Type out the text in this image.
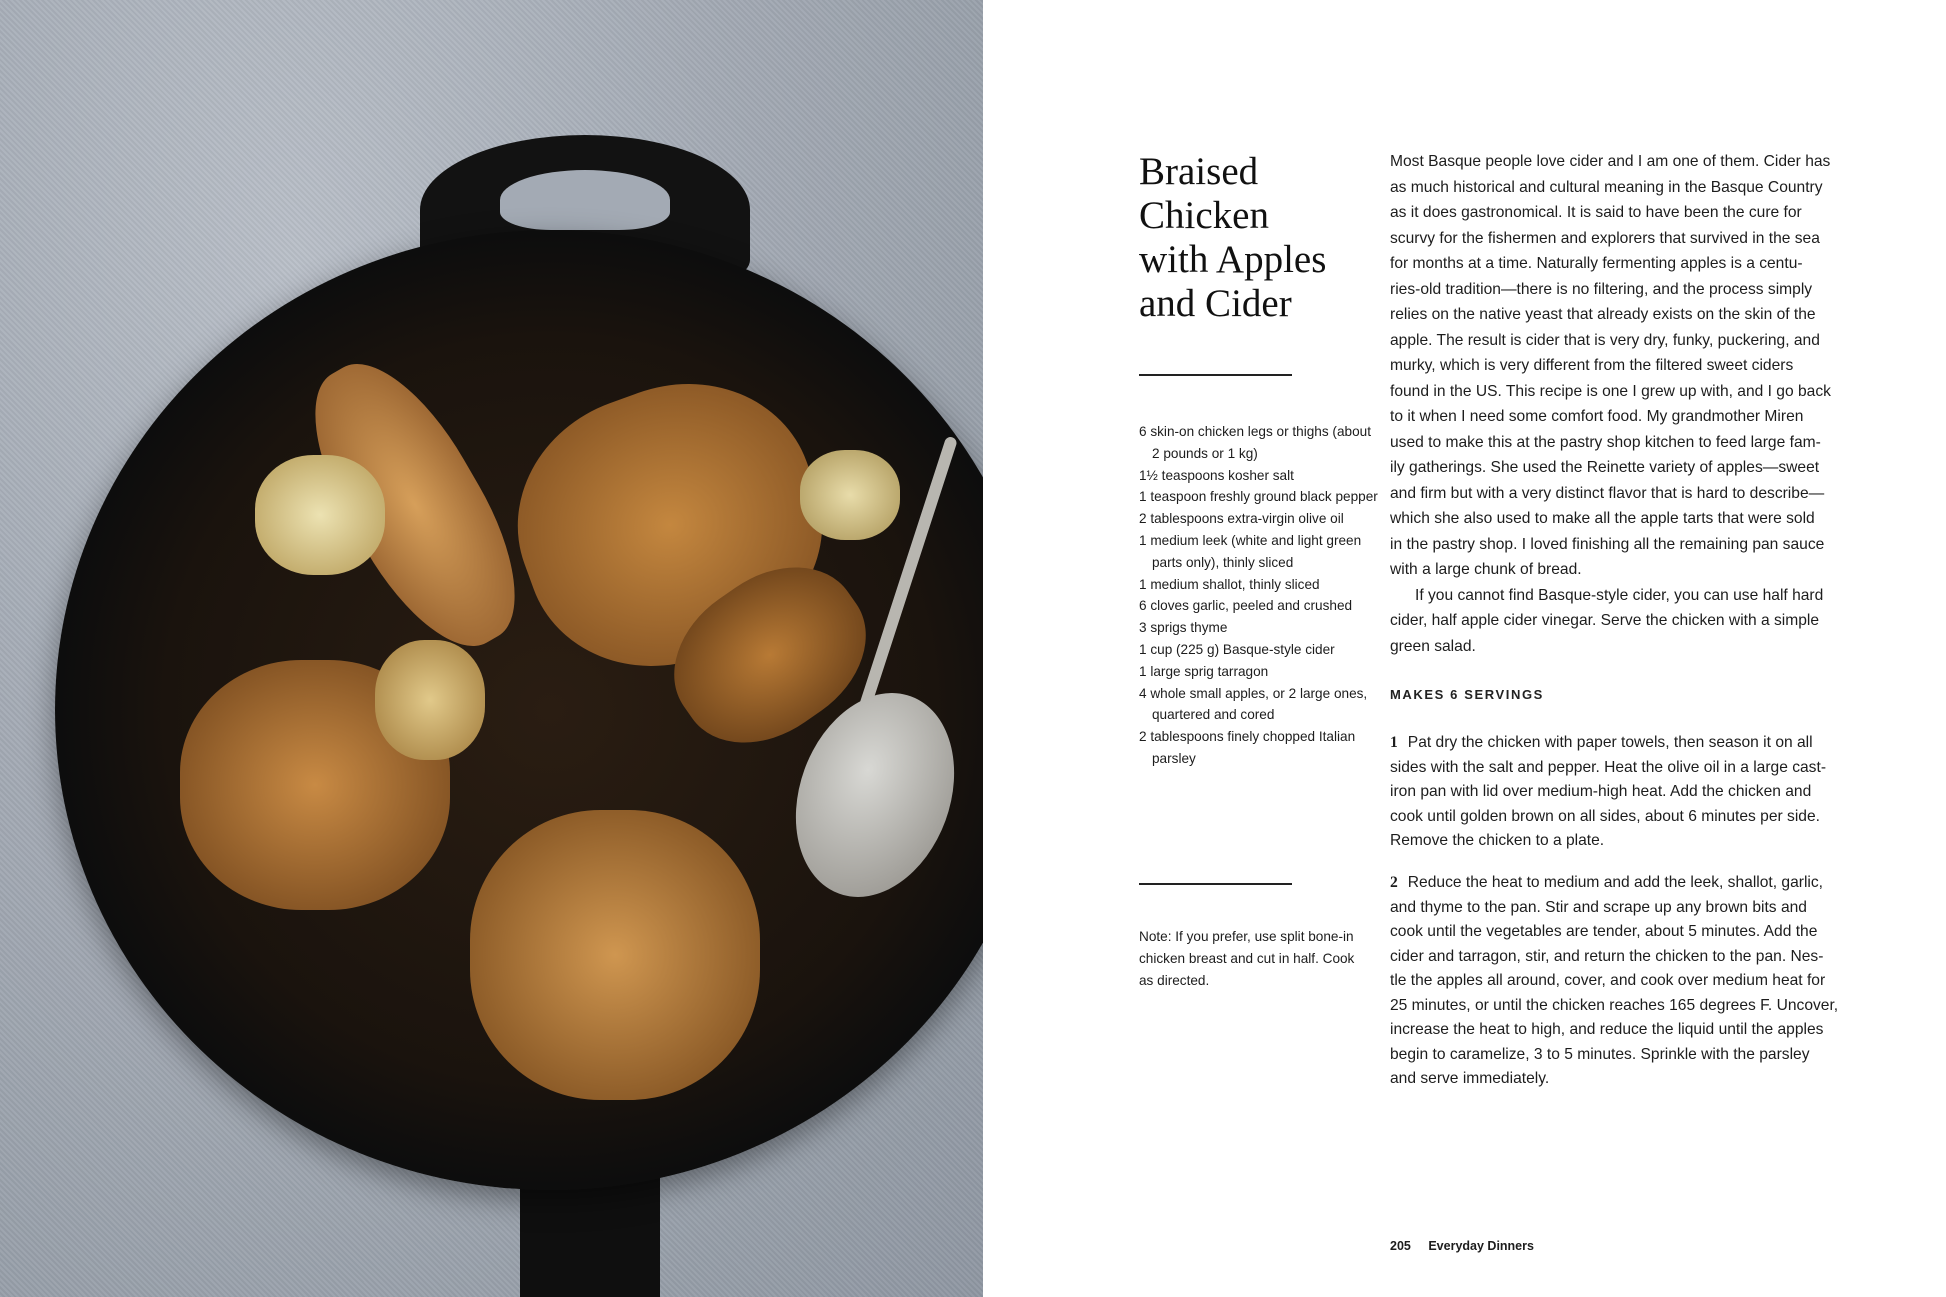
Braised
Chicken
with Apples
and Cider
6 skin-on chicken legs or thighs (about 2 pounds or 1 kg)
1½ teaspoons kosher salt
1 teaspoon freshly ground black pepper
2 tablespoons extra-virgin olive oil
1 medium leek (white and light green parts only), thinly sliced
1 medium shallot, thinly sliced
6 cloves garlic, peeled and crushed
3 sprigs thyme
1 cup (225 g) Basque-style cider
1 large sprig tarragon
4 whole small apples, or 2 large ones, quartered and cored
2 tablespoons finely chopped Italian parsley

Note: If you prefer, use split bone-in chicken breast and cut in half. Cook as directed.

Most Basque people love cider and I am one of them. Cider has
as much historical and cultural meaning in the Basque Country
as it does gastronomical. It is said to have been the cure for
scurvy for the fishermen and explorers that survived in the sea
for months at a time. Naturally fermenting apples is a centu-
ries-old tradition—there is no filtering, and the process simply
relies on the native yeast that already exists on the skin of the
apple. The result is cider that is very dry, funky, puckering, and
murky, which is very different from the filtered sweet ciders
found in the US. This recipe is one I grew up with, and I go back
to it when I need some comfort food. My grandmother Miren
used to make this at the pastry shop kitchen to feed large fam-
ily gatherings. She used the Reinette variety of apples—sweet
and firm but with a very distinct flavor that is hard to describe—
which she also used to make all the apple tarts that were sold
in the pastry shop. I loved finishing all the remaining pan sauce
with a large chunk of bread.
If you cannot find Basque-style cider, you can use half hard
cider, half apple cider vinegar. Serve the chicken with a simple
green salad.
MAKES 6 SERVINGS
1 Pat dry the chicken with paper towels, then season it on all
sides with the salt and pepper. Heat the olive oil in a large cast-
iron pan with lid over medium-high heat. Add the chicken and
cook until golden brown on all sides, about 6 minutes per side.
Remove the chicken to a plate.
2 Reduce the heat to medium and add the leek, shallot, garlic,
and thyme to the pan. Stir and scrape up any brown bits and
cook until the vegetables are tender, about 5 minutes. Add the
cider and tarragon, stir, and return the chicken to the pan. Nes-
tle the apples all around, cover, and cook over medium heat for
25 minutes, or until the chicken reaches 165 degrees F. Uncover,
increase the heat to high, and reduce the liquid until the apples
begin to caramelize, 3 to 5 minutes. Sprinkle with the parsley
and serve immediately.
205 Everyday Dinners
